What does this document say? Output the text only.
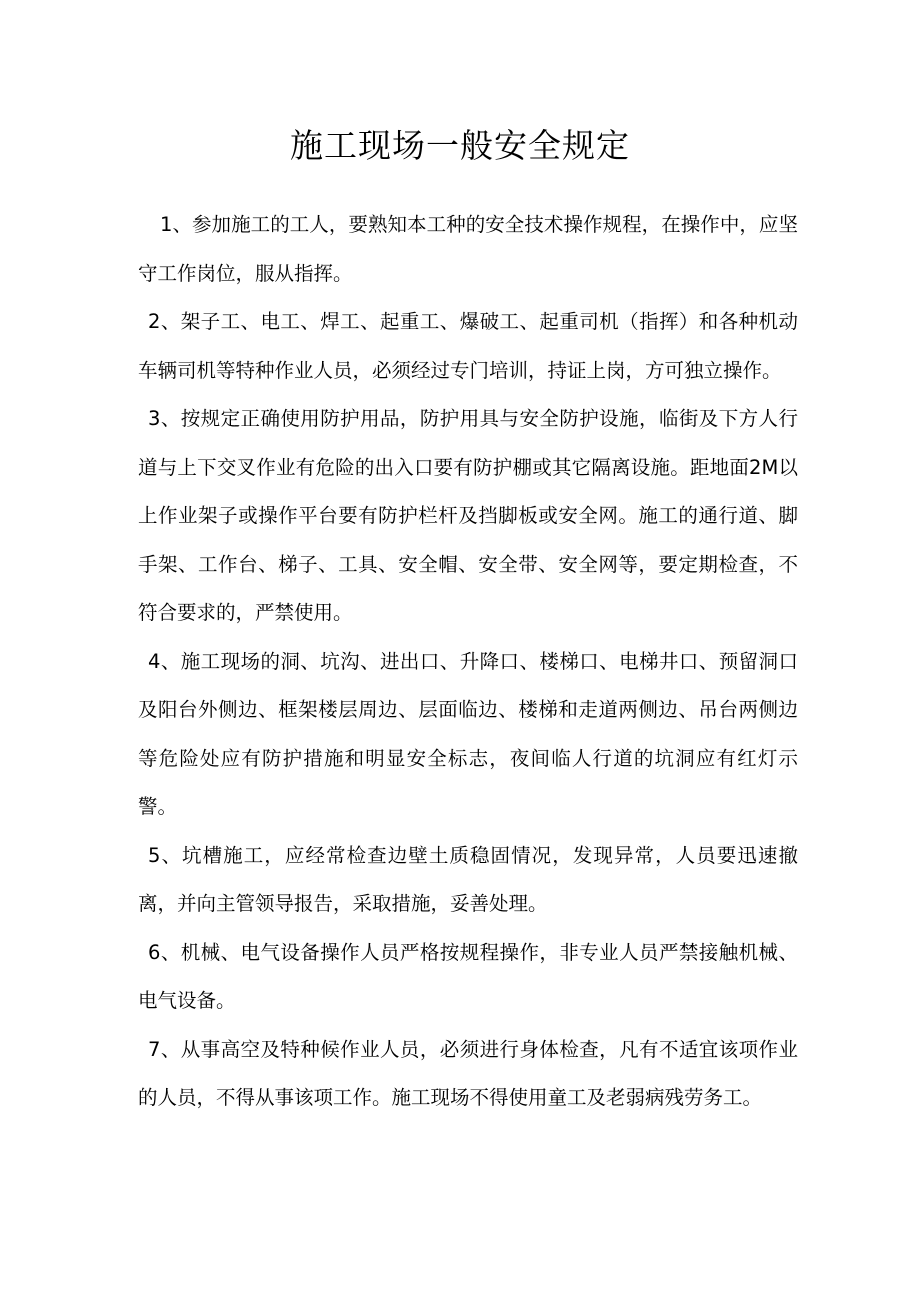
施工现场一般安全规定

1、参加施工的工人，要熟知本工种的安全技术操作规程，在操作中，应坚守工作岗位，服从指挥。

2、架子工、电工、焊工、起重工、爆破工、起重司机（指挥）和各种机动车辆司机等特种作业人员，必须经过专门培训，持证上岗，方可独立操作。

3、按规定正确使用防护用品，防护用具与安全防护设施，临街及下方人行道与上下交叉作业有危险的出入口要有防护棚或其它隔离设施。距地面2M以上作业架子或操作平台要有防护栏杆及挡脚板或安全网。施工的通行道、脚手架、工作台、梯子、工具、安全帽、安全带、安全网等，要定期检查，不符合要求的，严禁使用。

4、施工现场的洞、坑沟、进出口、升降口、楼梯口、电梯井口、预留洞口及阳台外侧边、框架楼层周边、层面临边、楼梯和走道两侧边、吊台两侧边等危险处应有防护措施和明显安全标志，夜间临人行道的坑洞应有红灯示警。

5、坑槽施工，应经常检查边壁土质稳固情况，发现异常，人员要迅速撤离，并向主管领导报告，采取措施，妥善处理。

6、机械、电气设备操作人员严格按规程操作，非专业人员严禁接触机械、电气设备。

7、从事高空及特种候作业人员，必须进行身体检查，凡有不适宜该项作业的人员，不得从事该项工作。施工现场不得使用童工及老弱病残劳务工。
